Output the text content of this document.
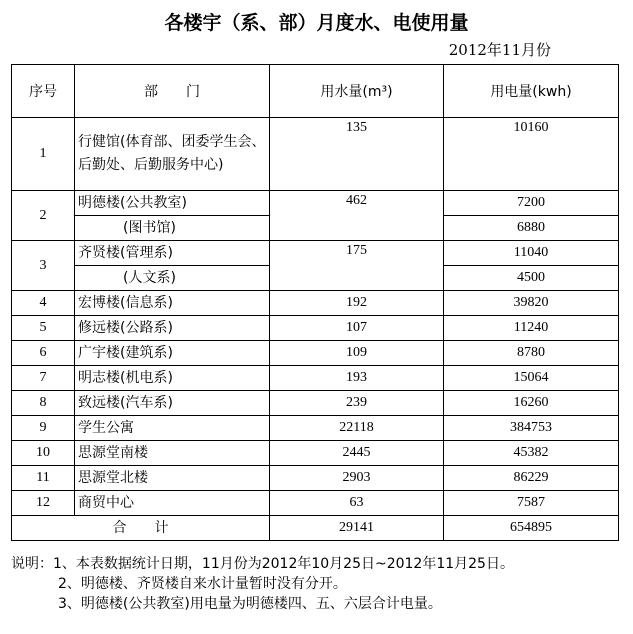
各楼宇（系、部）月度水、电使用量
2012年11月份
序号	部　　门	用水量(m³)	用电量(kwh)
1	行健馆(体育部、团委学生会、后勤处、后勤服务中心)	135	10160
2	明德楼(公共教室)	462	7200
	(图书馆)		6880
3	齐贤楼(管理系)	175	11040
	(人文系)		4500
4	宏博楼(信息系)	192	39820
5	修远楼(公路系)	107	11240
6	广宇楼(建筑系)	109	8780
7	明志楼(机电系)	193	15064
8	致远楼(汽车系)	239	16260
9	学生公寓	22118	384753
10	思源堂南楼	2445	45382
11	思源堂北楼	2903	86229
12	商贸中心	63	7587
合　　计		29141	654895
说明：1、本表数据统计日期，11月份为2012年10月25日~2012年11月25日。
2、明德楼、齐贤楼自来水计量暂时没有分开。
3、明德楼(公共教室)用电量为明德楼四、五、六层合计电量。
